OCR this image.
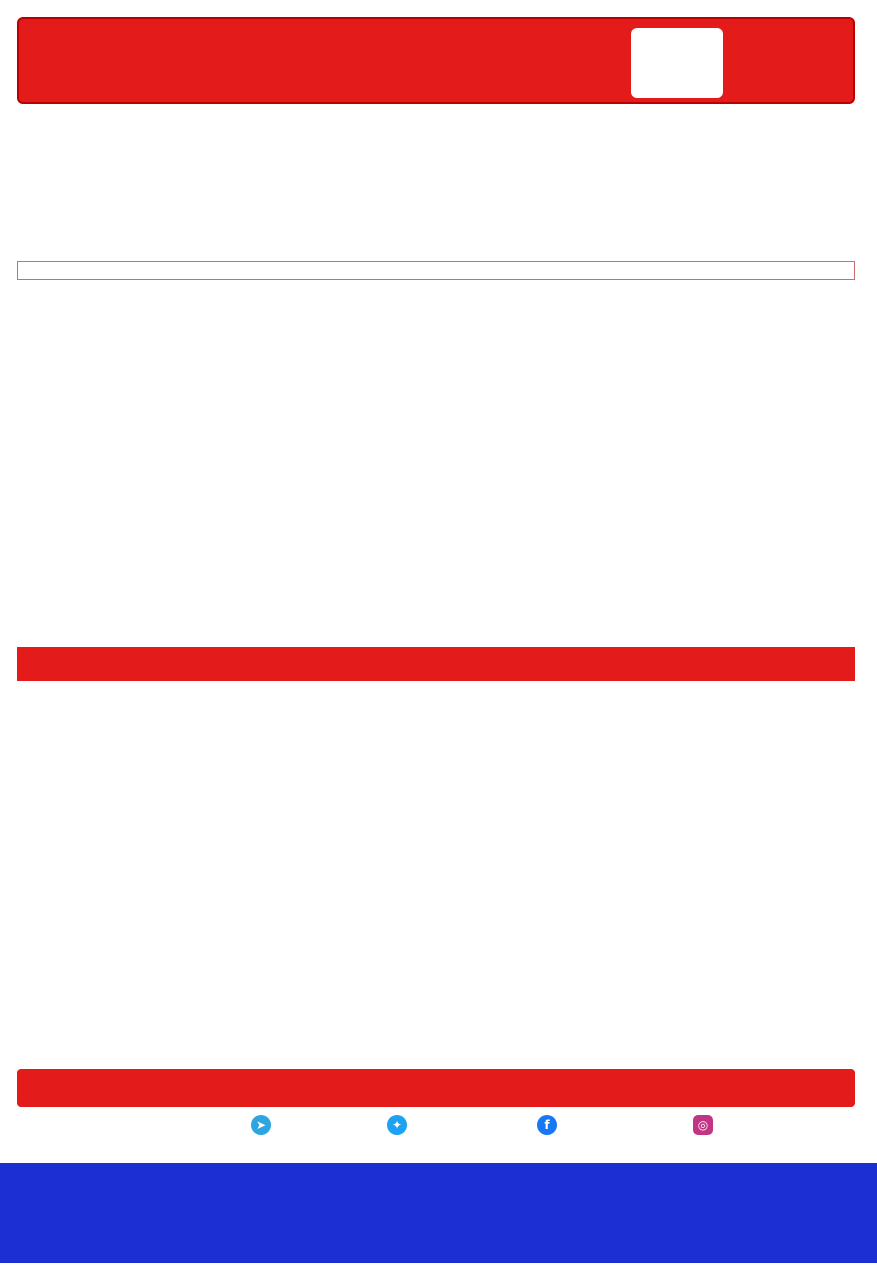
➤	✦	f	◎
